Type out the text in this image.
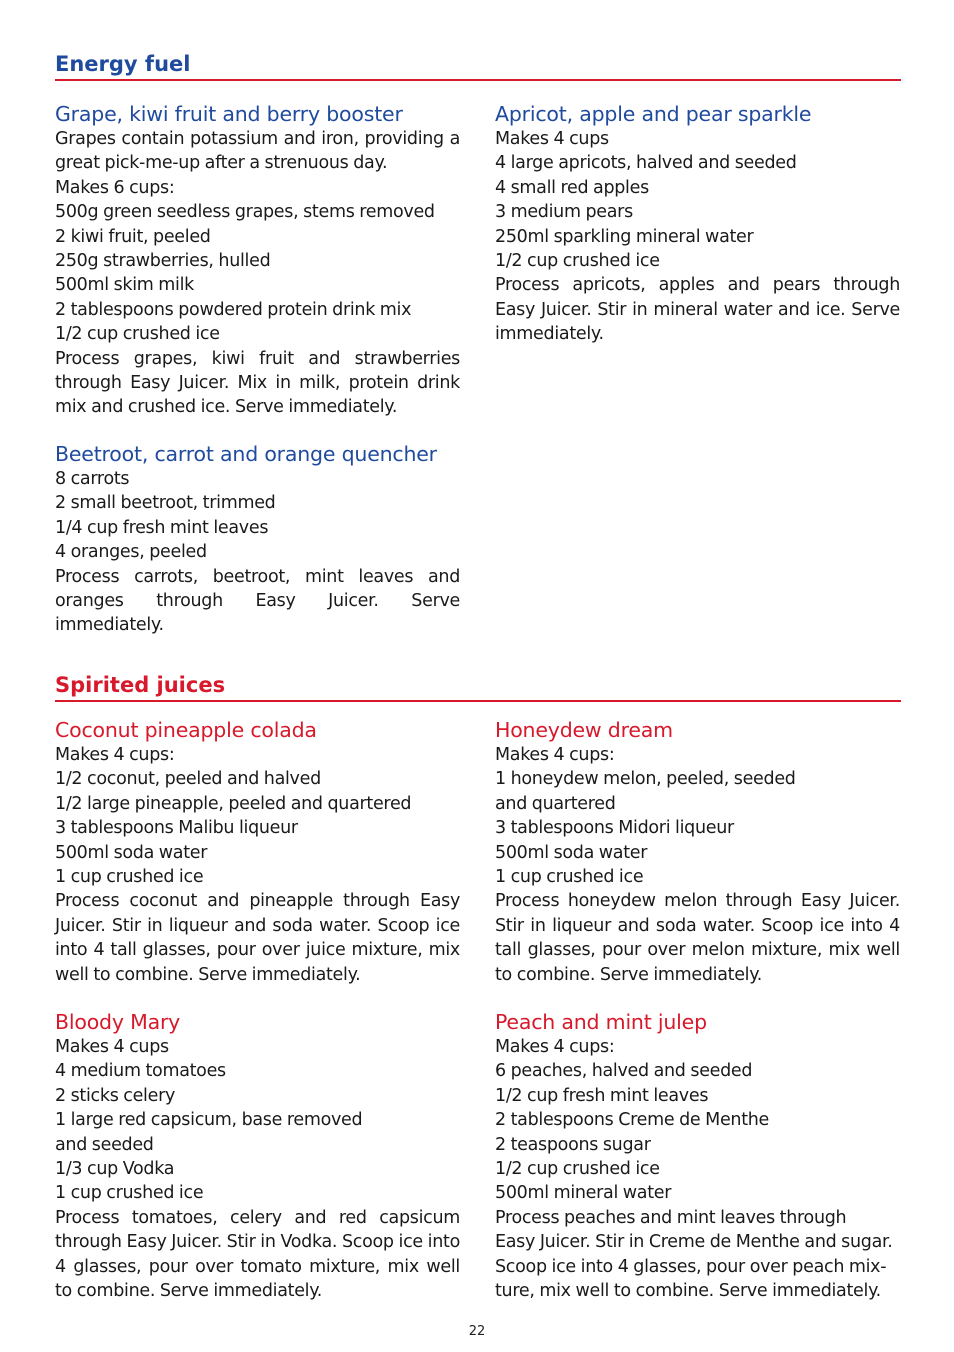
Energy fuel
Grape, kiwi fruit and berry booster

Grapes contain potassium and iron, providing a great pick-me-up after a strenuous day.

Makes 6 cups:

500g green seedless grapes, stems removed

2 kiwi fruit, peeled

250g strawberries, hulled

500ml skim milk

2 tablespoons powdered protein drink mix

1/2 cup crushed ice

Process grapes, kiwi fruit and strawberries through Easy Juicer. Mix in milk, protein drink mix and crushed ice. Serve immediately.

Apricot, apple and pear sparkle

Makes 4 cups

4 large apricots, halved and seeded

4 small red apples

3 medium pears

250ml sparkling mineral water

1/2 cup crushed ice

Process apricots, apples and pears through Easy Juicer. Stir in mineral water and ice. Serve immediately.

Beetroot, carrot and orange quencher

8 carrots

2 small beetroot, trimmed

1/4 cup fresh mint leaves

4 oranges, peeled

Process carrots, beetroot, mint leaves and oranges through Easy Juicer. Serve immediately.

Spirited juices
Coconut pineapple colada

Makes 4 cups:

1/2 coconut, peeled and halved

1/2 large pineapple, peeled and quartered

3 tablespoons Malibu liqueur

500ml soda water

1 cup crushed ice

Process coconut and pineapple through Easy Juicer. Stir in liqueur and soda water. Scoop ice into 4 tall glasses, pour over juice mixture, mix well to combine. Serve immediately.

Honeydew dream

Makes 4 cups:

1 honeydew melon, peeled, seeded

and quartered

3 tablespoons Midori liqueur

500ml soda water

1 cup crushed ice

Process honeydew melon through Easy Juicer. Stir in liqueur and soda water. Scoop ice into 4 tall glasses, pour over melon mixture, mix well to combine. Serve immediately.

Bloody Mary

Makes 4 cups

4 medium tomatoes

2 sticks celery

1 large red capsicum, base removed

and seeded

1/3 cup Vodka

1 cup crushed ice

Process tomatoes, celery and red capsicum through Easy Juicer. Stir in Vodka. Scoop ice into 4 glasses, pour over tomato mixture, mix well to combine. Serve immediately.

Peach and mint julep

Makes 4 cups:

6 peaches, halved and seeded

1/2 cup fresh mint leaves

2 tablespoons Creme de Menthe

2 teaspoons sugar

1/2 cup crushed ice

500ml mineral water

Process peaches and mint leaves through

Easy Juicer. Stir in Creme de Menthe and sugar.

Scoop ice into 4 glasses, pour over peach mix-

ture, mix well to combine. Serve immediately.

22
